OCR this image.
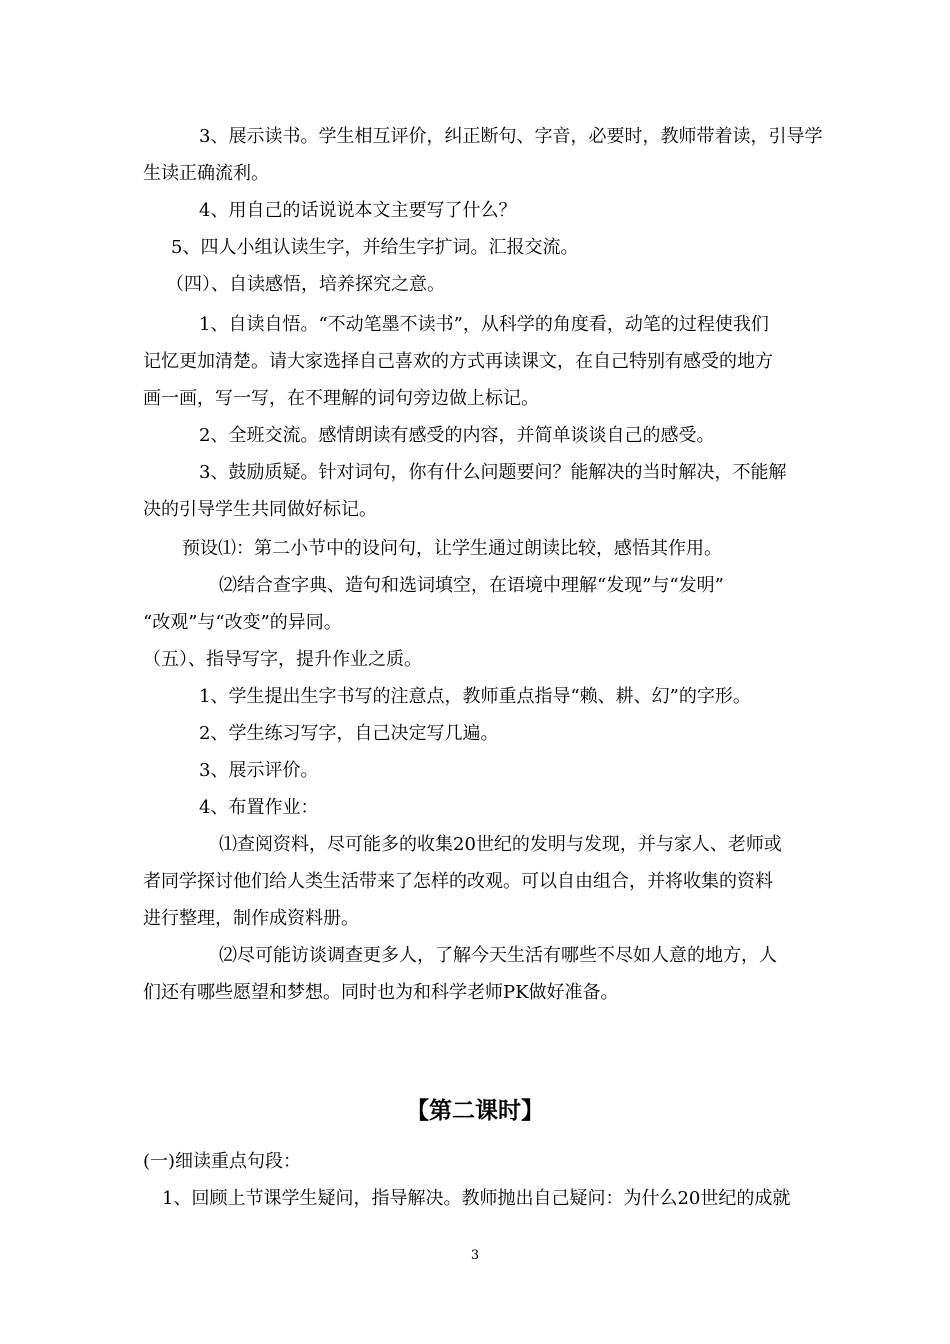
3、展示读书。学生相互评价，纠正断句、字音，必要时，教师带着读，引导学
生读正确流利。
4、用自己的话说说本文主要写了什么？
5、四人小组认读生字，并给生字扩词。汇报交流。
（四）、自读感悟，培养探究之意。
1、自读自悟。“不动笔墨不读书”，从科学的角度看，动笔的过程使我们
记忆更加清楚。请大家选择自己喜欢的方式再读课文，在自己特别有感受的地方
画一画，写一写，在不理解的词句旁边做上标记。
2、全班交流。感情朗读有感受的内容，并简单谈谈自己的感受。
3、鼓励质疑。针对词句，你有什么问题要问？能解决的当时解决，不能解
决的引导学生共同做好标记。
预设⑴：第二小节中的设问句，让学生通过朗读比较，感悟其作用。
⑵结合查字典、造句和选词填空，在语境中理解“发现”与“发明”
“改观”与“改变”的异同。
（五）、指导写字，提升作业之质。
1、学生提出生字书写的注意点，教师重点指导“赖、耕、幻”的字形。
2、学生练习写字，自己决定写几遍。
3、展示评价。
4、布置作业：
⑴查阅资料，尽可能多的收集20世纪的发明与发现，并与家人、老师或
者同学探讨他们给人类生活带来了怎样的改观。可以自由组合，并将收集的资料
进行整理，制作成资料册。
⑵尽可能访谈调查更多人，了解今天生活有哪些不尽如人意的地方，人
们还有哪些愿望和梦想。同时也为和科学老师PK做好准备。
【第二课时】
(一)细读重点句段：
1、回顾上节课学生疑问，指导解决。教师抛出自己疑问：为什么20世纪的成就
3
